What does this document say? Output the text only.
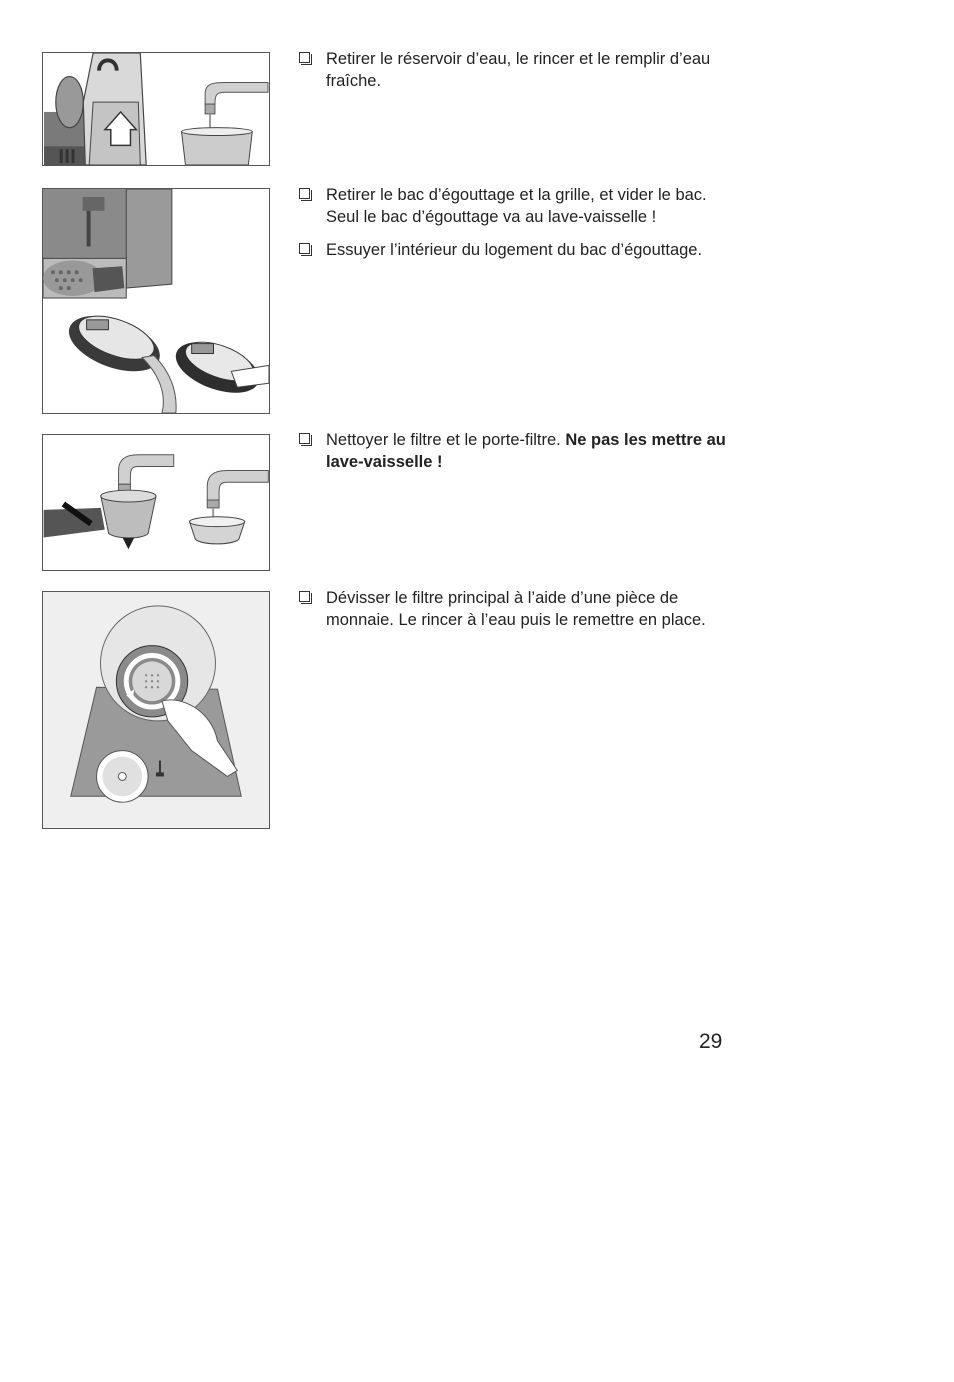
Retirer le réservoir d’eau, le rincer et le remplir d’eau fraîche.
Retirer le bac d’égouttage et la grille, et vider le bac. Seul le bac d’égouttage va au lave-vaisselle !
Essuyer l’intérieur du logement du bac d’égouttage.
Nettoyer le filtre et le porte-filtre. Ne pas les mettre au lave-vaisselle !
Dévisser le filtre principal à l’aide d’une pièce de monnaie. Le rincer à l’eau puis le remettre en place.
29
